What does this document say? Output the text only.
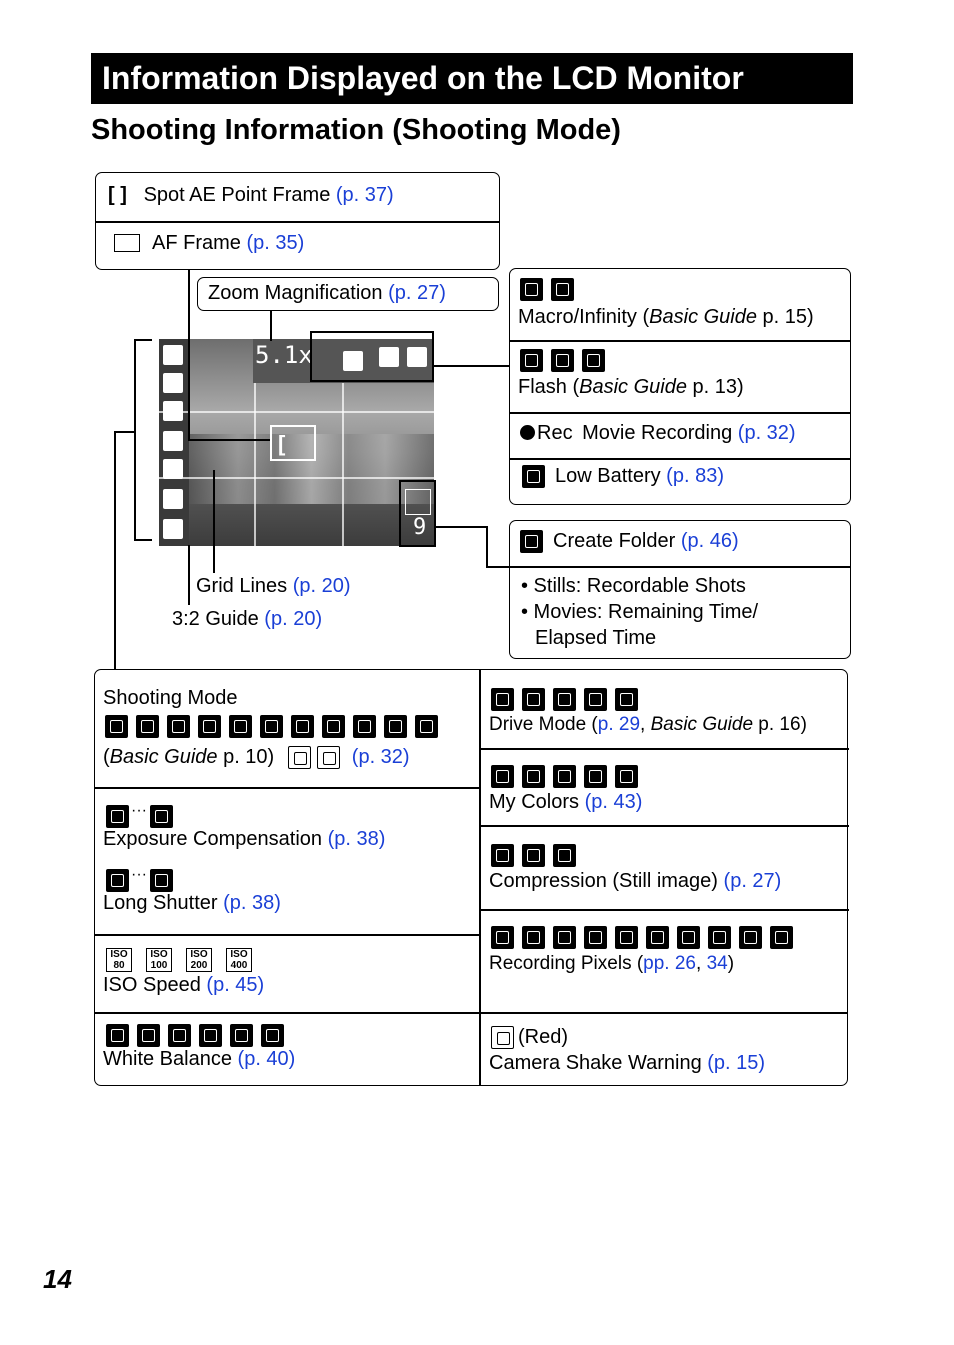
Information Displayed on the LCD Monitor
Shooting Information (Shooting Mode)
[ ] Spot AE Point Frame (p. 37)
AF Frame (p. 35)
Zoom Magnification (p. 27)
Macro/Infinity (Basic Guide p. 15)
Flash (Basic Guide p. 13)
Rec Movie Recording (p. 32)
Low Battery (p. 83)
Create Folder (p. 46)
• Stills: Recordable Shots
• Movies: Remaining Time/
Elapsed Time
5.1x
9
[
Grid Lines (p. 20)
3:2 Guide (p. 20)
Shooting Mode
(Basic Guide p. 10)	(p. 32)
···
Exposure Compensation (p. 38)
···
Long Shutter (p. 38)
ISO
80ISO
100ISO
200ISO
400
ISO Speed (p. 45)
White Balance (p. 40)
Drive Mode (p. 29, Basic Guide p. 16)
My Colors (p. 43)
Compression (Still image) (p. 27)
Recording Pixels (pp. 26, 34)
(Red)
Camera Shake Warning (p. 15)
14
